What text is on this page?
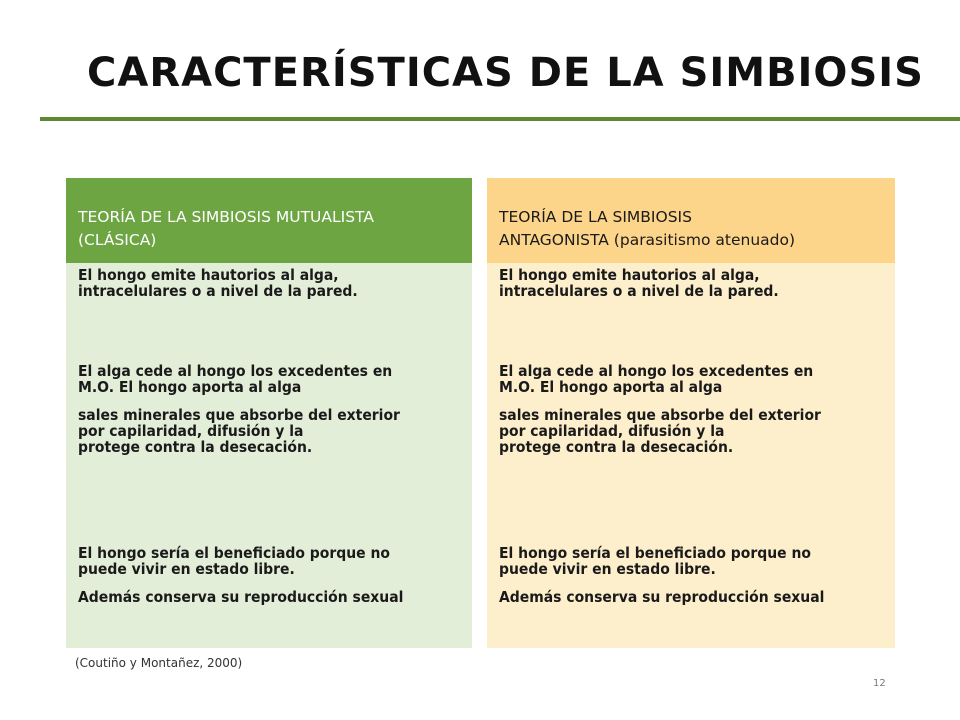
CARACTERÍSTICAS DE LA SIMBIOSIS
TEORÍA DE LA SIMBIOSIS MUTUALISTA
(CLÁSICA)

El hongo emite hautorios al alga,
intracelulares o a nivel de la pared.

El alga cede al hongo los excedentes en
M.O. El hongo aporta al alga

sales minerales que absorbe del exterior
por capilaridad, difusión y la
protege contra la desecación.

El hongo sería el beneficiado porque no
puede vivir en estado libre.

Además conserva su reproducción sexual

TEORÍA DE LA SIMBIOSIS
ANTAGONISTA (parasitismo atenuado)

El hongo emite hautorios al alga,
intracelulares o a nivel de la pared.

El alga cede al hongo los excedentes en
M.O. El hongo aporta al alga

sales minerales que absorbe del exterior
por capilaridad, difusión y la
protege contra la desecación.

El hongo sería el beneficiado porque no
puede vivir en estado libre.

Además conserva su reproducción sexual

(Coutiño y Montañez, 2000)
12
